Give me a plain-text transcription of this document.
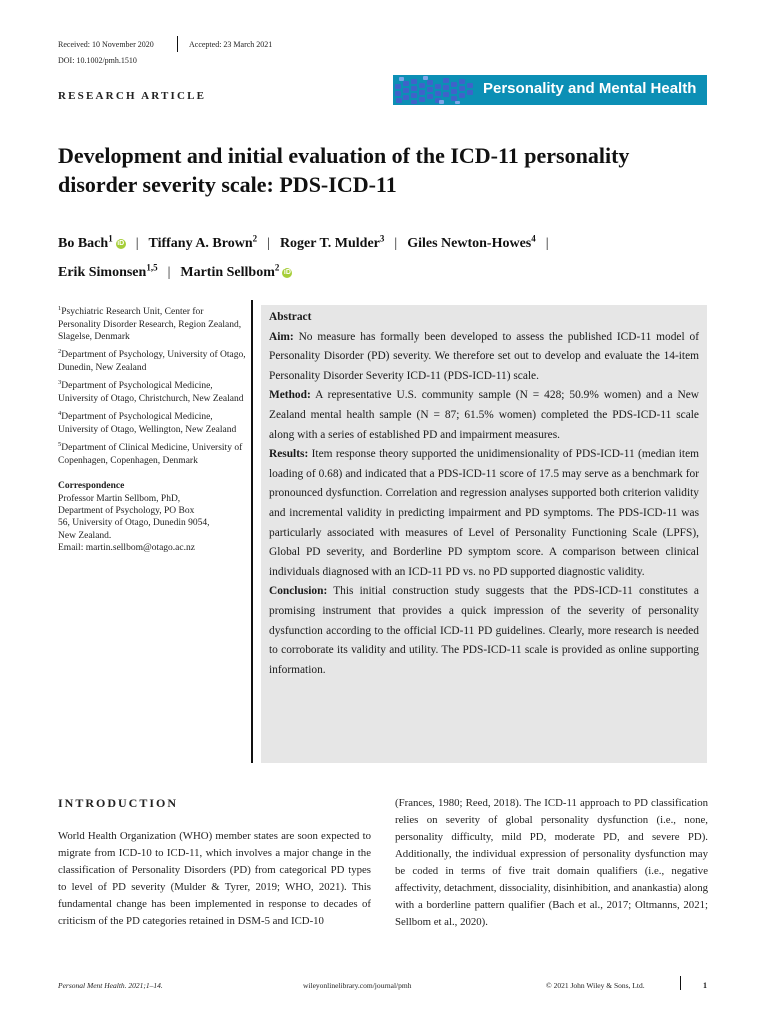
Received: 10 November 2020	Accepted: 23 March 2021
DOI: 10.1002/pmh.1510
RESEARCH ARTICLE	Personality and Mental Health
Development and initial evaluation of the ICD-11 personality disorder severity scale: PDS-ICD-11
Bo Bach$^1$iD | Tiffany A. Brown$^2$ | Roger T. Mulder$^3$ | Giles Newton-Howes$^4$ |
Erik Simonsen$^{1,5}$ | Martin Sellbom$^2$iD
$^1$Psychiatric Research Unit, Center for Personality Disorder Research, Region Zealand, Slagelse, Denmark
$^2$Department of Psychology, University of Otago, Dunedin, New Zealand
$^3$Department of Psychological Medicine, University of Otago, Christchurch, New Zealand
$^4$Department of Psychological Medicine, University of Otago, Wellington, New Zealand
$^5$Department of Clinical Medicine, University of Copenhagen, Copenhagen, Denmark
Correspondence
Professor Martin Sellbom, PhD,
Department of Psychology, PO Box
56, University of Otago, Dunedin 9054,
New Zealand.
Email: martin.sellbom@otago.ac.nz
Abstract
Aim: No measure has formally been developed to assess the published ICD-11 model of Personality Disorder (PD) severity. We therefore set out to develop and evaluate the 14-item Personality Disorder Severity ICD-11 (PDS-ICD-11) scale.
Method: A representative U.S. community sample (N = 428; 50.9% women) and a New Zealand mental health sample (N = 87; 61.5% women) completed the PDS-ICD-11 scale along with a series of established PD and impairment measures.
Results: Item response theory supported the unidimensionality of PDS-ICD-11 (median item loading of 0.68) and indicated that a PDS-ICD-11 score of 17.5 may serve as a benchmark for pronounced dysfunction. Correlation and regression analyses supported both criterion validity and incremental validity in predicting impairment and PD symptoms. The PDS-ICD-11 was particularly associated with measures of Level of Personality Functioning Scale (LPFS), Global PD severity, and Borderline PD symptom score. A comparison between clinical individuals diagnosed with an ICD-11 PD vs. no PD supported diagnostic validity.
Conclusion: This initial construction study suggests that the PDS-ICD-11 constitutes a promising instrument that provides a quick impression of the severity of personality dysfunction according to the official ICD-11 PD guidelines. Clearly, more research is needed to corroborate its validity and utility. The PDS-ICD-11 scale is provided as online supporting information.
INTRODUCTION
World Health Organization (WHO) member states are soon expected to migrate from ICD-10 to ICD-11, which involves a major change in the classification of Personality Disorders (PD) from categorical PD types to level of PD severity (Mulder & Tyrer, 2019; WHO, 2021). This fundamental change has been implemented in response to decades of criticism of the PD categories retained in DSM-5 and ICD-10
(Frances, 1980; Reed, 2018). The ICD-11 approach to PD classification relies on severity of global personality dysfunction (i.e., none, personality difficulty, mild PD, moderate PD, and severe PD). Additionally, the individual expression of personality dysfunction may be coded in terms of five trait domain qualifiers (i.e., negative affectivity, detachment, dissociality, disinhibition, and anankastia) along with a borderline pattern qualifier (Bach et al., 2017; Oltmanns, 2021; Sellbom et al., 2020).
Personal Ment Health. 2021;1–14.	wileyonlinelibrary.com/journal/pmh	© 2021 John Wiley & Sons, Ltd.	1
